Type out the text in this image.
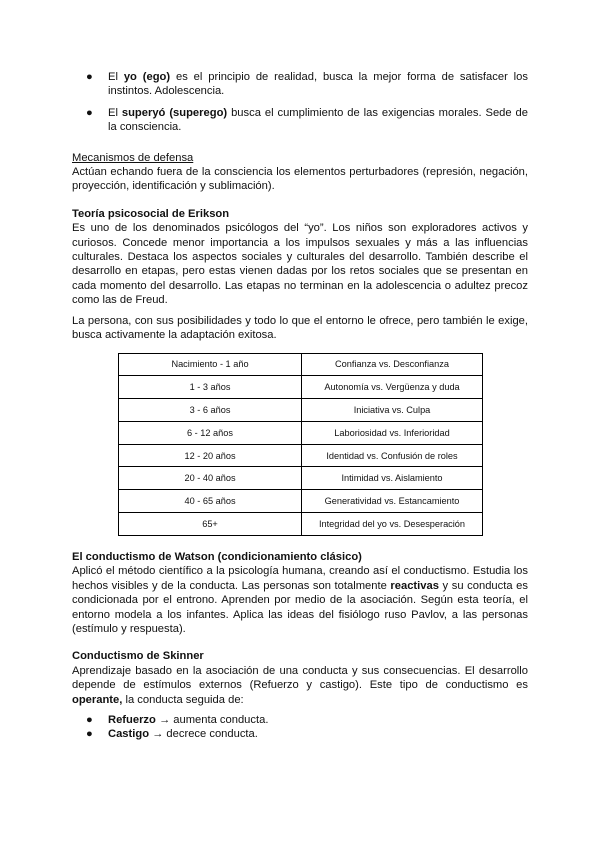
● El yo (ego) es el principio de realidad, busca la mejor forma de satisfacer los instintos. Adolescencia.
● El superyó (superego) busca el cumplimiento de las exigencias morales. Sede de la consciencia.
Mecanismos de defensa

Actúan echando fuera de la consciencia los elementos perturbadores (represión, negación, proyección, identificación y sublimación).

Teoría psicosocial de Erikson

Es uno de los denominados psicólogos del “yo”. Los niños son exploradores activos y curiosos. Concede menor importancia a los impulsos sexuales y más a las influencias culturales. Destaca los aspectos sociales y culturales del desarrollo. También describe el desarrollo en etapas, pero estas vienen dadas por los retos sociales que se presentan en cada momento del desarrollo. Las etapas no terminan en la adolescencia o adultez precoz como las de Freud.

La persona, con sus posibilidades y todo lo que el entorno le ofrece, pero también le exige, busca activamente la adaptación exitosa.

Nacimiento - 1 año	Confianza vs. Desconfianza
1 - 3 años	Autonomía vs. Vergüenza y duda
3 - 6 años	Iniciativa vs. Culpa
6 - 12 años	Laboriosidad vs. Inferioridad
12 - 20 años	Identidad vs. Confusión de roles
20 - 40 años	Intimidad vs. Aislamiento
40 - 65 años	Generatividad vs. Estancamiento
65+	Integridad del yo vs. Desesperación
El conductismo de Watson (condicionamiento clásico)

Aplicó el método científico a la psicología humana, creando así el conductismo. Estudia los hechos visibles y de la conducta. Las personas son totalmente reactivas y su conducta es condicionada por el entrono. Aprenden por medio de la asociación. Según esta teoría, el entorno modela a los infantes. Aplica las ideas del fisiólogo ruso Pavlov, a las personas (estímulo y respuesta).

Conductismo de Skinner

Aprendizaje basado en la asociación de una conducta y sus consecuencias. El desarrollo depende de estímulos externos (Refuerzo y castigo). Este tipo de conductismo es operante, la conducta seguida de:

● Refuerzo → aumenta conducta.
● Castigo → decrece conducta.
